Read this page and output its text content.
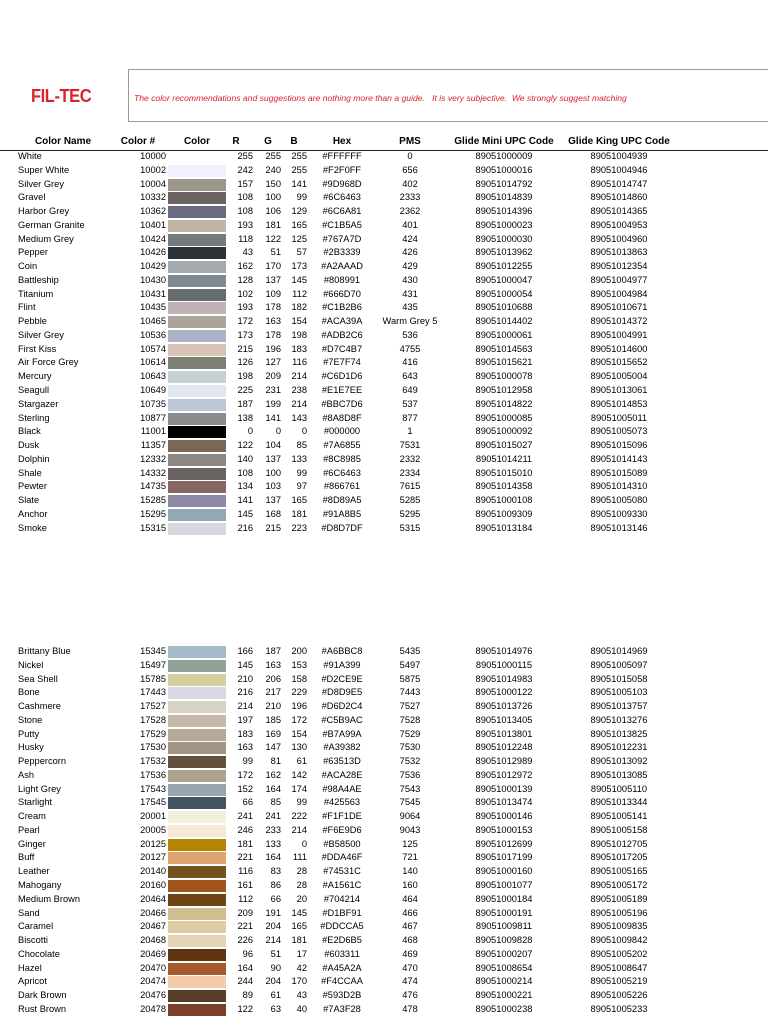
FIL-TEC

	The color recommendations and suggestions are nothing more than a guide.   It is very subjective.  We strongly suggest matching

Color Name	Color #	Color	R	G	B	Hex	PMS	Glide Mini UPC Code	Glide King UPC Code
White	10000	255	255	255	#FFFFFF	0	89051000009	89051004939
Super White	10002	242	240	255	#F2F0FF	656	89051000016	89051004946
Silver Grey	10004	157	150	141	#9D968D	402	89051014792	89051014747
Gravel	10332	108	100	99	#6C6463	2333	89051014839	89051014860
Harbor Grey	10362	108	106	129	#6C6A81	2362	89051014396	89051014365
German Granite	10401	193	181	165	#C1B5A5	401	89051000023	89051004953
Medium Grey	10424	118	122	125	#767A7D	424	89051000030	89051004960
Pepper	10426	43	51	57	#2B3339	426	89051013962	89051013863
Coin	10429	162	170	173	#A2AAAD	429	89051012255	89051012354
Battleship	10430	128	137	145	#808991	430	89051000047	89051004977
Titanium	10431	102	109	112	#666D70	431	89051000054	89051004984
Flint	10435	193	178	182	#C1B2B6	435	89051010688	89051010671
Pebble	10465	172	163	154	#ACA39A	Warm Grey 5	89051014402	89051014372
Silver Grey	10536	173	178	198	#ADB2C6	536	89051000061	89051004991
First Kiss	10574	215	196	183	#D7C4B7	4755	89051014563	89051014600
Air Force Grey	10614	126	127	116	#7E7F74	416	89051015621	89051015652
Mercury	10643	198	209	214	#C6D1D6	643	89051000078	89051005004
Seagull	10649	225	231	238	#E1E7EE	649	89051012958	89051013061
Stargazer	10735	187	199	214	#BBC7D6	537	89051014822	89051014853
Sterling	10877	138	141	143	#8A8D8F	877	89051000085	89051005011
Black	11001	0	0	0	#000000	1	89051000092	89051005073
Dusk	11357	122	104	85	#7A6855	7531	89051015027	89051015096
Dolphin	12332	140	137	133	#8C8985	2332	89051014211	89051014143
Shale	14332	108	100	99	#6C6463	2334	89051015010	89051015089
Pewter	14735	134	103	97	#866761	7615	89051014358	89051014310
Slate	15285	141	137	165	#8D89A5	5285	89051000108	89051005080
Anchor	15295	145	168	181	#91A8B5	5295	89051009309	89051009330
Smoke	15315	216	215	223	#D8D7DF	5315	89051013184	89051013146
Brittany Blue	15345	166	187	200	#A6BBC8	5435	89051014976	89051014969
Nickel	15497	145	163	153	#91A399	5497	89051000115	89051005097
Sea Shell	15785	210	206	158	#D2CE9E	5875	89051014983	89051015058
Bone	17443	216	217	229	#D8D9E5	7443	89051000122	89051005103
Cashmere	17527	214	210	196	#D6D2C4	7527	89051013726	89051013757
Stone	17528	197	185	172	#C5B9AC	7528	89051013405	89051013276
Putty	17529	183	169	154	#B7A99A	7529	89051013801	89051013825
Husky	17530	163	147	130	#A39382	7530	89051012248	89051012231
Peppercorn	17532	99	81	61	#63513D	7532	89051012989	89051013092
Ash	17536	172	162	142	#ACA28E	7536	89051012972	89051013085
Light Grey	17543	152	164	174	#98A4AE	7543	89051000139	89051005110
Starlight	17545	66	85	99	#425563	7545	89051013474	89051013344
Cream	20001	241	241	222	#F1F1DE	9064	89051000146	89051005141
Pearl	20005	246	233	214	#F6E9D6	9043	89051000153	89051005158
Ginger	20125	181	133	0	#B58500	125	89051012699	89051012705
Buff	20127	221	164	111	#DDA46F	721	89051017199	89051017205
Leather	20140	116	83	28	#74531C	140	89051000160	89051005165
Mahogany	20160	161	86	28	#A1561C	160	89051001077	89051005172
Medium Brown	20464	112	66	20	#704214	464	89051000184	89051005189
Sand	20466	209	191	145	#D1BF91	466	89051000191	89051005196
Caramel	20467	221	204	165	#DDCCA5	467	89051009811	89051009835
Biscotti	20468	226	214	181	#E2D6B5	468	89051009828	89051009842
Chocolate	20469	96	51	17	#603311	469	89051000207	89051005202
Hazel	20470	164	90	42	#A45A2A	470	89051008654	89051008647
Apricot	20474	244	204	170	#F4CCAA	474	89051000214	89051005219
Dark Brown	20476	89	61	43	#593D2B	476	89051000221	89051005226
Rust Brown	20478	122	63	40	#7A3F28	478	89051000238	89051005233
